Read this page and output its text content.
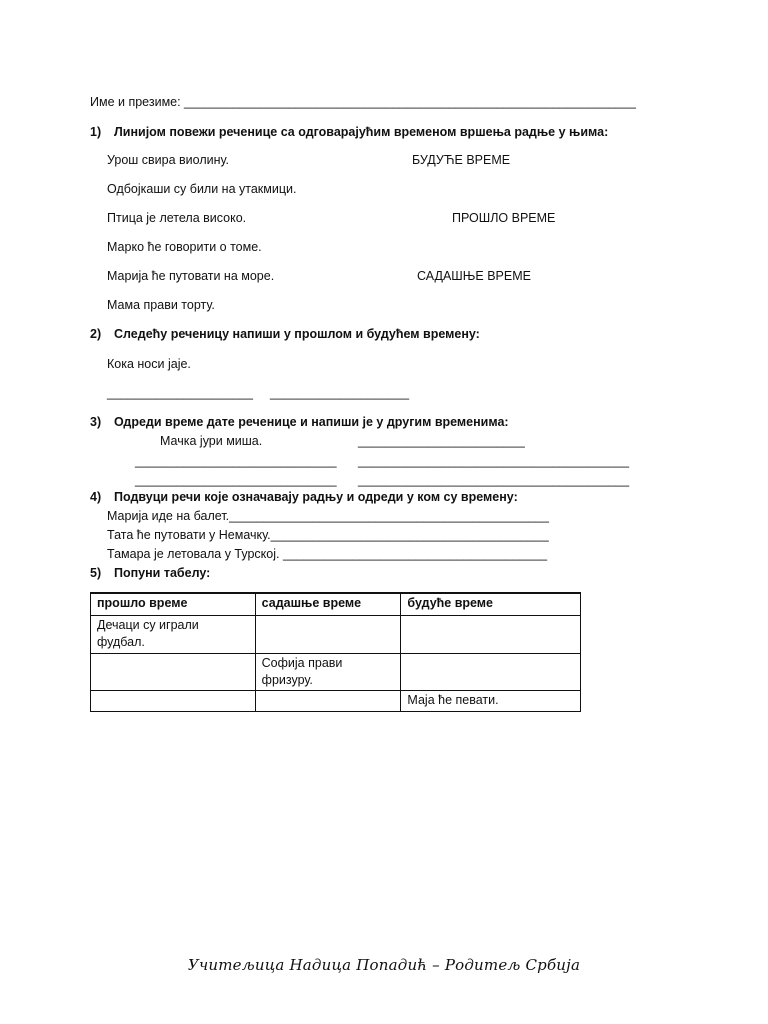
Име и презиме: _________________________________________________________________
1) Линијом повежи реченице са одговарајућим временом вршења радње у њима:
Урош свира виолину.
Одбојкаши су били на утакмици.
Птица је летела високо.
Марко ће говорити о томе.
Марија ће путовати на море.
Мама прави торту.
БУДУЋЕ ВРЕМЕ
ПРОШЛО ВРЕМЕ
САДАШЊЕ ВРЕМЕ
2) Следећу реченицу напиши у прошлом и будућем времену:
Кока носи јаје.
_____________________ ____________________
3) Одреди време дате реченице и напиши је у другим временима:
Мачка јури миша.	________________________
_____________________________ _______________________________________
_____________________________ _______________________________________
4) Подвуци речи које означавају радњу и одреди у ком су времену:
Марија иде на балет.______________________________________________
Тата ће путовати у Немачку.________________________________________
Тамара је летовала у Турској. ______________________________________
5) Попуни табелу:
прошло време	садашње време	будуће време
Дечаци су играли фудбал.		
	Софија прави фризуру.	
		Маја ће певати.
Учитељица Надица Попадић – Родитељ Србија
